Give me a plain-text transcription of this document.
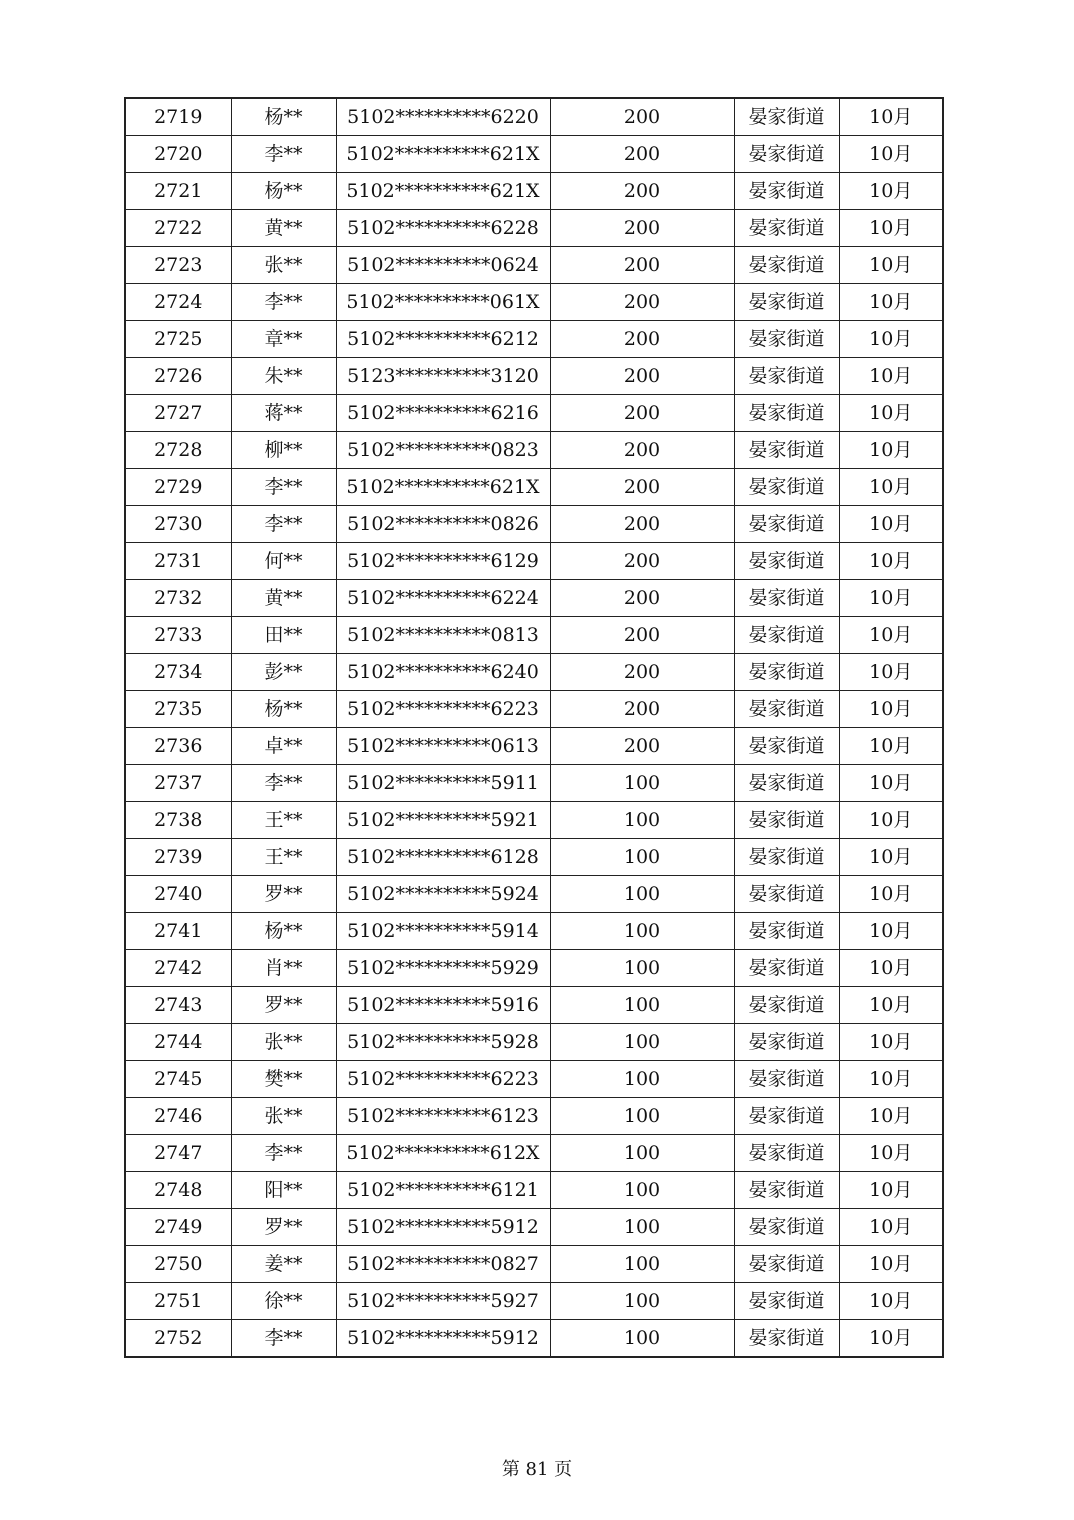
2719	杨**	5102**********6220	200	晏家街道	10月
2720	李**	5102**********621X	200	晏家街道	10月
2721	杨**	5102**********621X	200	晏家街道	10月
2722	黄**	5102**********6228	200	晏家街道	10月
2723	张**	5102**********0624	200	晏家街道	10月
2724	李**	5102**********061X	200	晏家街道	10月
2725	章**	5102**********6212	200	晏家街道	10月
2726	朱**	5123**********3120	200	晏家街道	10月
2727	蒋**	5102**********6216	200	晏家街道	10月
2728	柳**	5102**********0823	200	晏家街道	10月
2729	李**	5102**********621X	200	晏家街道	10月
2730	李**	5102**********0826	200	晏家街道	10月
2731	何**	5102**********6129	200	晏家街道	10月
2732	黄**	5102**********6224	200	晏家街道	10月
2733	田**	5102**********0813	200	晏家街道	10月
2734	彭**	5102**********6240	200	晏家街道	10月
2735	杨**	5102**********6223	200	晏家街道	10月
2736	卓**	5102**********0613	200	晏家街道	10月
2737	李**	5102**********5911	100	晏家街道	10月
2738	王**	5102**********5921	100	晏家街道	10月
2739	王**	5102**********6128	100	晏家街道	10月
2740	罗**	5102**********5924	100	晏家街道	10月
2741	杨**	5102**********5914	100	晏家街道	10月
2742	肖**	5102**********5929	100	晏家街道	10月
2743	罗**	5102**********5916	100	晏家街道	10月
2744	张**	5102**********5928	100	晏家街道	10月
2745	樊**	5102**********6223	100	晏家街道	10月
2746	张**	5102**********6123	100	晏家街道	10月
2747	李**	5102**********612X	100	晏家街道	10月
2748	阳**	5102**********6121	100	晏家街道	10月
2749	罗**	5102**********5912	100	晏家街道	10月
2750	姜**	5102**********0827	100	晏家街道	10月
2751	徐**	5102**********5927	100	晏家街道	10月
2752	李**	5102**********5912	100	晏家街道	10月
第 81 页
